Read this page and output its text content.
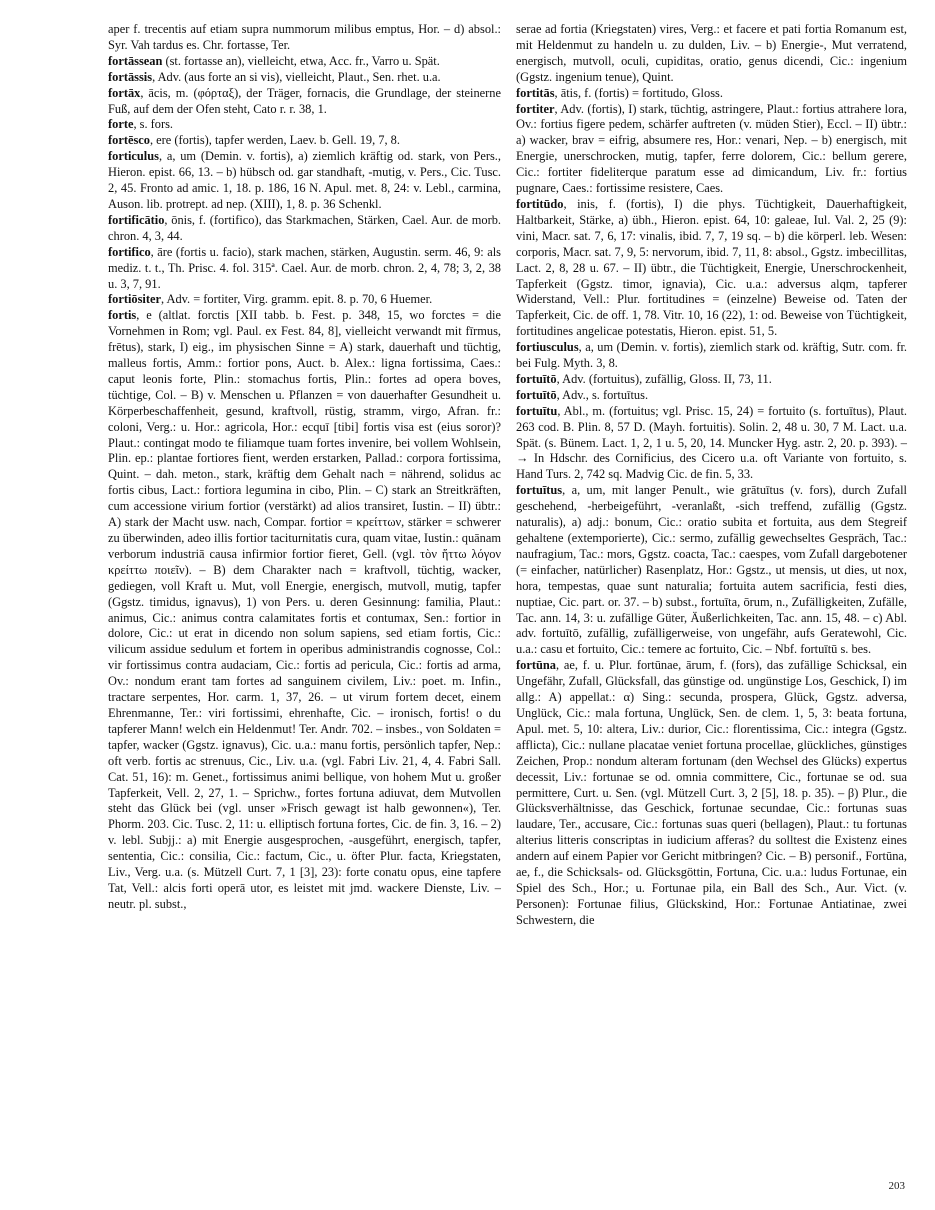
aper f. trecentis auf etiam supra nummorum milibus emptus, Hor. – d) absol.: Syr. Vah tardus es. Chr. fortasse, Ter.

fortāssean (st. fortasse an), vielleicht, etwa, Acc. fr., Varro u. Spät.

fortāssis, Adv. (aus forte an si vis), vielleicht, Plaut., Sen. rhet. u.a.

fortāx, ācis, m. (φόρταξ), der Träger, fornacis, die Grundlage, der steinerne Fuß, auf dem der Ofen steht, Cato r. r. 38, 1.

forte, s. fors.

fortēsco, ere (fortis), tapfer werden, Laev. b. Gell. 19, 7, 8.

forticulus, a, um (Demin. v. fortis), a) ziemlich kräftig od. stark, von Pers., Hieron. epist. 66, 13. – b) hübsch od. gar standhaft, -mutig, v. Pers., Cic. Tusc. 2, 45. Fronto ad amic. 1, 18. p. 186, 16 N. Apul. met. 8, 24: v. Lebl., carmina, Auson. lib. protrept. ad nep. (XIII), 1, 8. p. 36 Schenkl.

fortificātio, ōnis, f. (fortifico), das Starkmachen, Stärken, Cael. Aur. de morb. chron. 4, 3, 44.

fortifico, āre (fortis u. facio), stark machen, stärken, Augustin. serm. 46, 9: als mediz. t. t., Th. Prisc. 4. fol. 315ª. Cael. Aur. de morb. chron. 2, 4, 78; 3, 2, 38 u. 3, 7, 91.

fortiōsiter, Adv. = fortiter, Virg. gramm. epit. 8. p. 70, 6 Huemer.

fortis, e (altlat. forctis [XII tabb. b. Fest. p. 348, 15, wo forctes = die Vornehmen in Rom; vgl. Paul. ex Fest. 84, 8], vielleicht verwandt mit fīrmus, frētus), stark, I) eig., im physischen Sinne = A) stark, dauerhaft und tüchtig, malleus fortis, Amm.: fortior pons, Auct. b. Alex.: ligna fortissima, Caes.: caput leonis forte, Plin.: stomachus fortis, Plin.: fortes ad opera boves, tüchtige, Col. – B) v. Menschen u. Pflanzen = von dauerhafter Gesundheit u. Körperbeschaffenheit, gesund, kraftvoll, rüstig, stramm, virgo, Afran. fr.: coloni, Verg.: u. Hor.: agricola, Hor.: ecquī [tibi] fortis visa est (eius soror)? Plaut.: contingat modo te filiamque tuam fortes invenire, bei vollem Wohlsein, Plin. ep.: plantae fortiores fient, werden erstarken, Pallad.: corpora fortissima, Quint. – dah. meton., stark, kräftig dem Gehalt nach = nährend, solidus ac fortis cibus, Lact.: fortiora legumina in cibo, Plin. – C) stark an Streitkräften, cum accessione virium fortior (verstärkt) ad alios transiret, Iustin. – II) übtr.: A) stark der Macht usw. nach, Compar. fortior = κρείττων, stärker = schwerer zu überwinden, adeo illis fortior taciturnitatis cura, quam vitae, Iustin.: quānam verborum industriā causa infirmior fortior fieret, Gell. (vgl. τὸν ἥττω λόγον κρείττω ποιεῖν). – B) dem Charakter nach = kraftvoll, tüchtig, wacker, gediegen, voll Kraft u. Mut, voll Energie, energisch, mutvoll, mutig, tapfer (Ggstz. timidus, ignavus), 1) von Pers. u. deren Gesinnung: familia, Plaut.: animus, Cic.: animus contra calamitates fortis et contumax, Sen.: fortior in dolore, Cic.: ut erat in dicendo non solum sapiens, sed etiam fortis, Cic.: vilicum assidue sedulum et fortem in operibus administrandis cognosse, Col.: vir fortissimus contra audaciam, Cic.: fortis ad pericula, Cic.: fortis ad arma, Ov.: nondum erant tam fortes ad sanguinem civilem, Liv.: poet. m. Infin., tractare serpentes, Hor. carm. 1, 37, 26. – ut virum fortem decet, einem Ehrenmanne, Ter.: viri fortissimi, ehrenhafte, Cic. – ironisch, fortis! o du tapferer Mann! welch ein Heldenmut! Ter. Andr. 702. – insbes., von Soldaten = tapfer, wacker (Ggstz. ignavus), Cic. u.a.: manu fortis, persönlich tapfer, Nep.: oft verb. fortis ac strenuus, Cic., Liv. u.a. (vgl. Fabri Liv. 21, 4, 4. Fabri Sall. Cat. 51, 16): m. Genet., fortissimus animi bellique, von hohem Mut u. großer Tapferkeit, Vell. 2, 27, 1. – Sprichw., fortes fortuna adiuvat, dem Mutvollen steht das Glück bei (vgl. unser »Frisch gewagt ist halb gewonnen«), Ter. Phorm. 203. Cic. Tusc. 2, 11: u. elliptisch fortuna fortes, Cic. de fin. 3, 16. – 2) v. lebl. Subjj.: a) mit Energie ausgesprochen, -ausgeführt, energisch, tapfer, sententia, Cic.: consilia, Cic.: factum, Cic., u. öfter Plur. facta, Kriegstaten, Liv., Verg. u.a. (s. Mützell Curt. 7, 1 [3], 23): forte conatu opus, eine tapfere Tat, Vell.: alcis forti operā utor, es leistet mit jmd. wackere Dienste, Liv. – neutr. pl. subst.,

serae ad fortia (Kriegstaten) vires, Verg.: et facere et pati fortia Romanum est, mit Heldenmut zu handeln u. zu dulden, Liv. – b) Energie-, Mut verratend, energisch, mutvoll, oculi, cupiditas, oratio, genus dicendi, Cic.: ingenium (Ggstz. ingenium tenue), Quint.

fortitās, ātis, f. (fortis) = fortitudo, Gloss.

fortiter, Adv. (fortis), I) stark, tüchtig, astringere, Plaut.: fortius attrahere lora, Ov.: fortius figere pedem, schärfer auftreten (v. müden Stier), Eccl. – II) übtr.: a) wacker, brav = eifrig, absumere res, Hor.: venari, Nep. – b) energisch, mit Energie, unerschrocken, mutig, tapfer, ferre dolorem, Cic.: bellum gerere, Cic.: fortiter fideliterque paratum esse ad dimicandum, Liv. fr.: fortius pugnare, Caes.: fortissime resistere, Caes.

fortitūdo, inis, f. (fortis), I) die phys. Tüchtigkeit, Dauerhaftigkeit, Haltbarkeit, Stärke, a) übh., Hieron. epist. 64, 10: galeae, Iul. Val. 2, 25 (9): vini, Macr. sat. 7, 6, 17: vinalis, ibid. 7, 7, 19 sq. – b) die körperl. leb. Wesen: corporis, Macr. sat. 7, 9, 5: nervorum, ibid. 7, 11, 8: absol., Ggstz. imbecillitas, Lact. 2, 8, 28 u. 67. – II) übtr., die Tüchtigkeit, Energie, Unerschrockenheit, Tapferkeit (Ggstz. timor, ignavia), Cic. u.a.: adversus alqm, tapferer Widerstand, Vell.: Plur. fortitudines = (einzelne) Beweise od. Taten der Tapferkeit, Cic. de off. 1, 78. Vitr. 10, 16 (22), 1: od. Beweise von Tüchtigkeit, fortitudines angelicae potestatis, Hieron. epist. 51, 5.

fortiusculus, a, um (Demin. v. fortis), ziemlich stark od. kräftig, Sutr. com. fr. bei Fulg. Myth. 3, 8.

fortuītō, Adv. (fortuitus), zufällig, Gloss. II, 73, 11.

fortuītō, Adv., s. fortuītus.

fortuītu, Abl., m. (fortuitus; vgl. Prisc. 15, 24) = fortuito (s. fortuītus), Plaut. 263 cod. B. Plin. 8, 57 D. (Mayh. fortuitis). Solin. 2, 48 u. 30, 7 M. Lact. u.a. Spät. (s. Bünem. Lact. 1, 2, 1 u. 5, 20, 14. Muncker Hyg. astr. 2, 20. p. 393). – → In Hdschr. des Cornificius, des Cicero u.a. oft Variante von fortuito, s. Hand Turs. 2, 742 sq. Madvig Cic. de fin. 5, 33.

fortuītus, a, um, mit langer Penult., wie grātuītus (v. fors), durch Zufall geschehend, -herbeigeführt, -veranlaßt, -sich treffend, zufällig (Ggstz. naturalis), a) adj.: bonum, Cic.: oratio subita et fortuita, aus dem Stegreif gehaltene (extemporierte), Cic.: sermo, zufällig gewechseltes Gespräch, Tac.: naufragium, Tac.: mors, Ggstz. coacta, Tac.: caespes, vom Zufall dargebotener (= einfacher, natürlicher) Rasenplatz, Hor.: Ggstz., ut mensis, ut dies, ut nox, hora, tempestas, quae sunt naturalia; fortuita autem sacrificia, festi dies, nuptiae, Cic. part. or. 37. – b) subst., fortuīta, ōrum, n., Zufälligkeiten, Zufälle, Tac. ann. 14, 3: u. zufällige Güter, Äußerlichkeiten, Tac. ann. 15, 48. – c) Abl. adv. fortuītō, zufällig, zufälligerweise, von ungefähr, aufs Geratewohl, Cic. u.a.: casu et fortuito, Cic.: temere ac fortuito, Cic. – Nbf. fortuītū s. bes.

fortūna, ae, f. u. Plur. fortūnae, ārum, f. (fors), das zufällige Schicksal, ein Ungefähr, Zufall, Glücksfall, das günstige od. ungünstige Los, Geschick, I) im allg.: A) appellat.: α) Sing.: secunda, prospera, Glück, Ggstz. adversa, Unglück, Cic.: mala fortuna, Unglück, Sen. de clem. 1, 5, 3: beata fortuna, Apul. met. 5, 10: altera, Liv.: durior, Cic.: florentissima, Cic.: integra (Ggstz. afflicta), Cic.: nullane placatae veniet fortuna procellae, glückliches, günstiges Zeichen, Prop.: nondum alteram fortunam (den Wechsel des Glücks) expertus decessit, Liv.: fortunae se od. omnia committere, Cic., fortunae se od. sua permittere, Curt. u. Sen. (vgl. Mützell Curt. 3, 2 [5], 18. p. 35). – β) Plur., die Glücksverhältnisse, das Geschick, fortunae secundae, Cic.: fortunas suas laudare, Ter., accusare, Cic.: fortunas suas queri (bellagen), Plaut.: tu fortunas alterius litteris conscriptas in iudicium afferas? du solltest die Existenz eines andern auf einem Papier vor Gericht mitbringen? Cic. – B) personif., Fortūna, ae, f., die Schicksals- od. Glücksgöttin, Fortuna, Cic. u.a.: ludus Fortunae, ein Spiel des Sch., Hor.; u. Fortunae pila, ein Ball des Sch., Aur. Vict. (v. Personen): Fortunae filius, Glückskind, Hor.: Fortunae Antiatinae, zwei Schwestern, die

203
